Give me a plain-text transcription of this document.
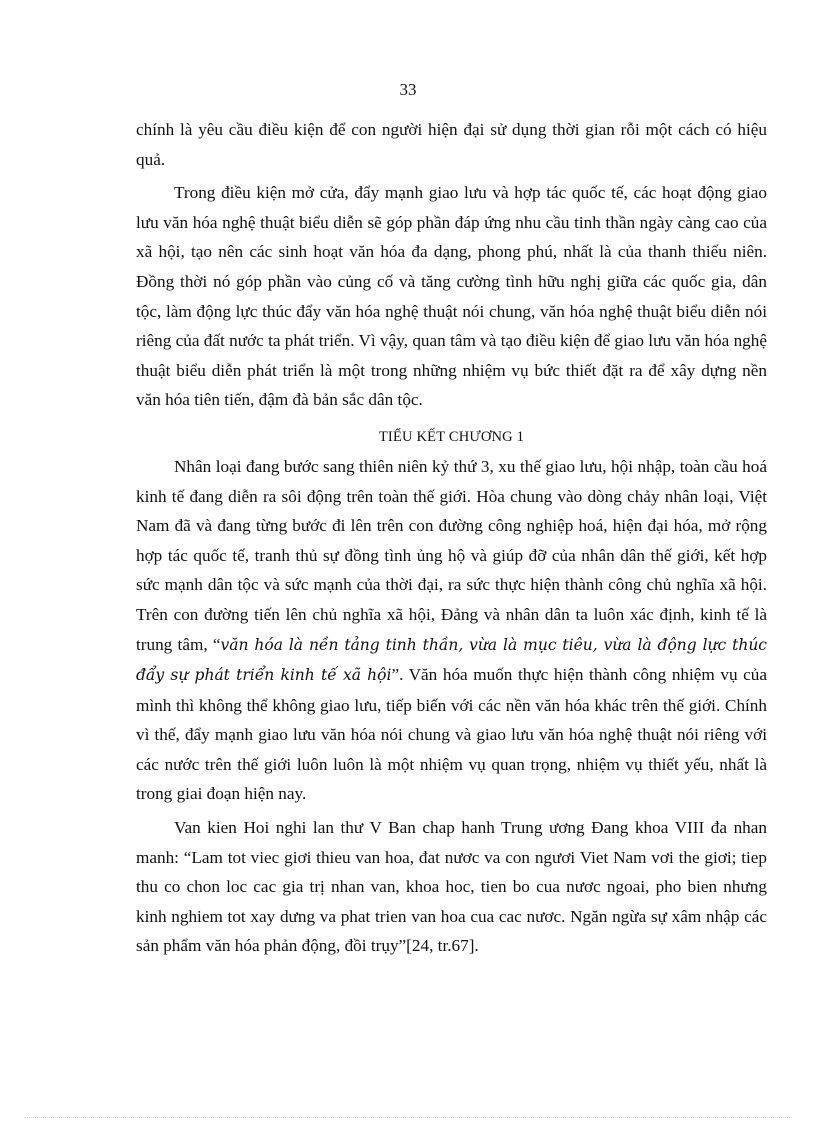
33

chính là yêu cầu điều kiện để con người hiện đại sử dụng thời gian rỗi một cách có hiệu quả.

Trong điều kiện mở cửa, đẩy mạnh giao lưu và hợp tác quốc tế, các hoạt động giao lưu văn hóa nghệ thuật biểu diễn sẽ góp phần đáp ứng nhu cầu tinh thần ngày càng cao của xã hội, tạo nên các sinh hoạt văn hóa đa dạng, phong phú, nhất là của thanh thiếu niên. Đồng thời nó góp phần vào củng cố và tăng cường tình hữu nghị giữa các quốc gia, dân tộc, làm động lực thúc đẩy văn hóa nghệ thuật nói chung, văn hóa nghệ thuật biểu diễn nói riêng của đất nước ta phát triển. Vì vậy, quan tâm và tạo điều kiện để giao lưu văn hóa nghệ thuật biểu diễn phát triển là một trong những nhiệm vụ bức thiết đặt ra để xây dựng nền văn hóa tiên tiến, đậm đà bản sắc dân tộc.

TIỂU KẾT CHƯƠNG 1

Nhân loại đang bước sang thiên niên kỷ thứ 3, xu thế giao lưu, hội nhập, toàn cầu hoá kinh tế đang diễn ra sôi động trên toàn thế giới. Hòa chung vào dòng chảy nhân loại, Việt Nam đã và đang từng bước đi lên trên con đường công nghiệp hoá, hiện đại hóa, mở rộng hợp tác quốc tế, tranh thủ sự đồng tình ủng hộ và giúp đỡ của nhân dân thế giới, kết hợp sức mạnh dân tộc và sức mạnh của thời đại, ra sức thực hiện thành công chủ nghĩa xã hội. Trên con đường tiến lên chủ nghĩa xã hội, Đảng và nhân dân ta luôn xác định, kinh tế là trung tâm, “văn hóa là nền tảng tinh thần, vừa là mục tiêu, vừa là động lực thúc đẩy sự phát triển kinh tế xã hội”. Văn hóa muốn thực hiện thành công nhiệm vụ của mình thì không thể không giao lưu, tiếp biến với các nền văn hóa khác trên thế giới. Chính vì thế, đẩy mạnh giao lưu văn hóa nói chung và giao lưu văn hóa nghệ thuật nói riêng với các nước trên thế giới luôn luôn là một nhiệm vụ quan trọng, nhiệm vụ thiết yếu, nhất là trong giai đoạn hiện nay.

Van kien Hoi nghi lan thư V Ban chap hanh Trung ương Đang khoa VIII đa nhan manh: “Lam tot viec giơi thieu van hoa, đat nươc va con ngươi Viet Nam vơi the giơi; tiep thu co chon loc cac gia trị nhan van, khoa hoc, tien bo cua nươc ngoai, pho bien nhưng kinh nghiem tot xay dưng va phat trien van hoa cua cac nươc. Ngăn ngừa sự xâm nhập các sản phẩm văn hóa phản động, đồi trụy”[24, tr.67].
